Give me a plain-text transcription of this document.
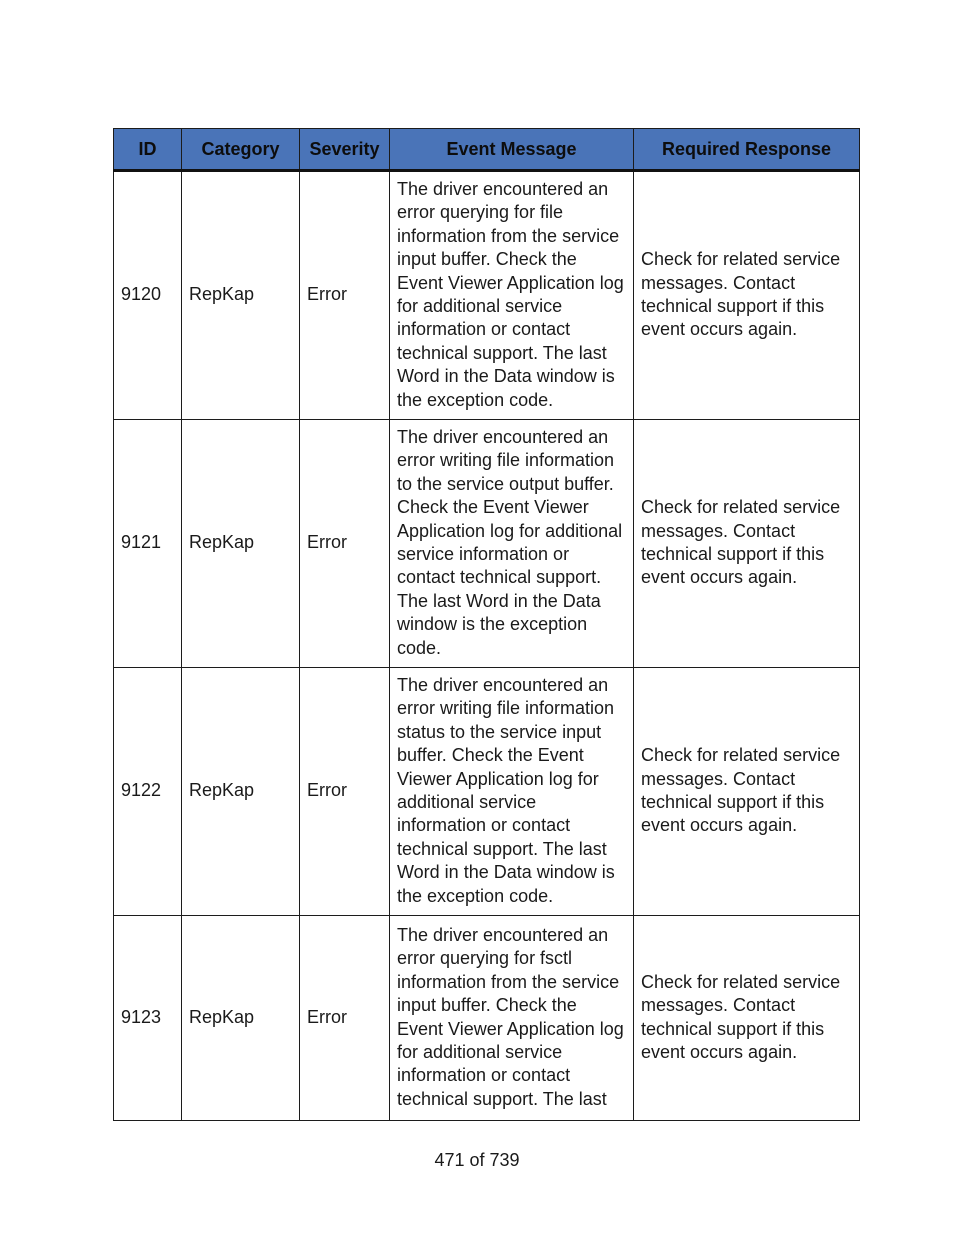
ID	Category	Severity	Event Message	Required Response
9120	RepKap	Error	The driver encountered an error querying for file information from the service input buffer. Check the Event Viewer Application log for additional service information or contact technical support. The last Word in the Data window is the exception code.	Check for related service messages. Contact technical support if this event occurs again.
9121	RepKap	Error	The driver encountered an error writing file information to the service output buffer. Check the Event Viewer Application log for additional service information or contact technical support. The last Word in the Data window is the exception code.	Check for related service messages. Contact technical support if this event occurs again.
9122	RepKap	Error	The driver encountered an error writing file information status to the service input buffer. Check the Event Viewer Application log for additional service information or contact technical support. The last Word in the Data window is the exception code.	Check for related service messages. Contact technical support if this event occurs again.
9123	RepKap	Error	The driver encountered an error querying for fsctl information from the service input buffer. Check the Event Viewer Application log for additional service information or contact technical support. The last	Check for related service messages. Contact technical support if this event occurs again.
471 of 739
